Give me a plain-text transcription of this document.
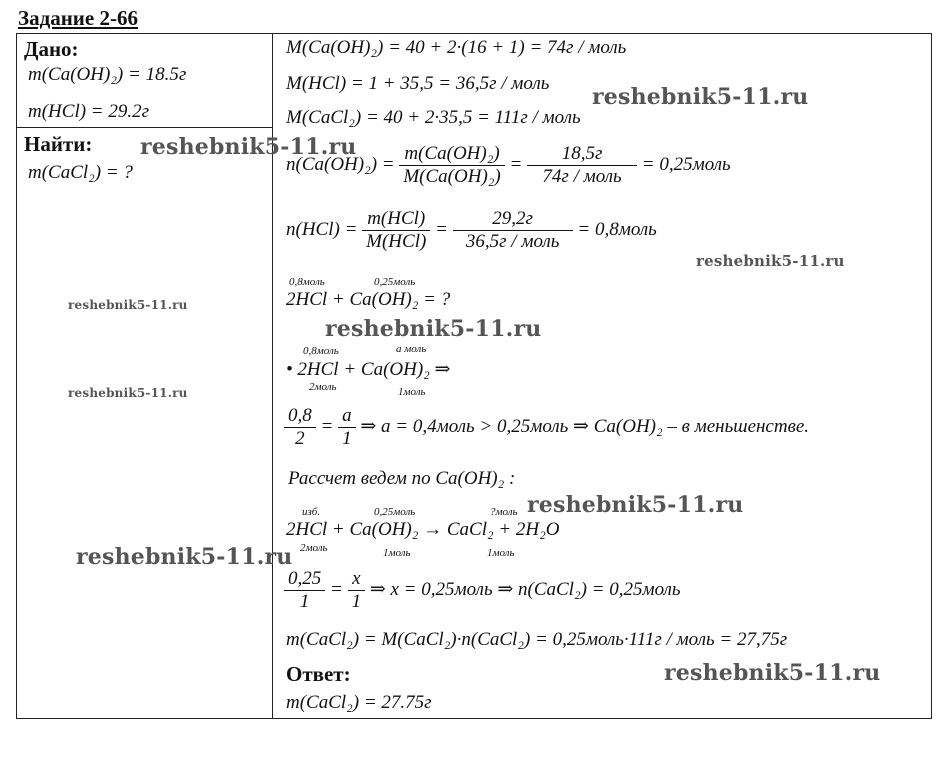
Задание 2-66
Дано:
m(Ca(OH)₂) = 18.5г
m(HCl) = 29.2г
Найти:
m(CaCl₂) = ?
M(Ca(OH)₂) = 40 + 2·(16 + 1) = 74г / моль
M(HCl) = 1 + 35,5 = 36,5г / моль
M(CaCl₂) = 40 + 2·35,5 = 111г / моль
$n(Ca(OH)_2) = \frac{\text{m(Ca(OH)₂)}}{\text{M(Ca(OH)₂)}} = \frac{18,5г}{\text{74г / моль}}$ = 0,25моль
$n(HCl) = \frac{\text{m(HCl)}}{\text{M(HCl)}} = \frac{29,2г}{\text{36,5г / моль}}$ = 0,8моль
0,8моль	0,25моль
2HCl + Ca(OH)₂ = ?
0,8моль	a моль
• 2HCl + Ca(OH)₂ ⇒
2моль	1моль
$\frac{0,8}{2} = \frac{a}{1}$ ⇒ a = 0,4моль > 0,25моль ⇒ Ca(OH)₂ – в меньшенстве.
Рассчет ведем по Ca(OH)₂ :
изб.	0,25моль	?моль
2HCl + Ca(OH)₂ → CaCl₂ + 2H₂O
2моль	1моль	1моль
$\frac{0,25}{1} = \frac{x}{1}$ ⇒ x = 0,25моль ⇒ n(CaCl₂) = 0,25моль
m(CaCl₂) = M(CaCl₂)·n(CaCl₂) = 0,25моль·111г / моль = 27,75г
Ответ:
m(CaCl₂) = 27.75г
reshebnik5-11.ru
reshebnik5-11.ru
reshebnik5-11.ru
reshebnik5-11.ru
reshebnik5-11.ru
reshebnik5-11.ru
reshebnik5-11.ru
reshebnik5-11.ru
reshebnik5-11.ru
